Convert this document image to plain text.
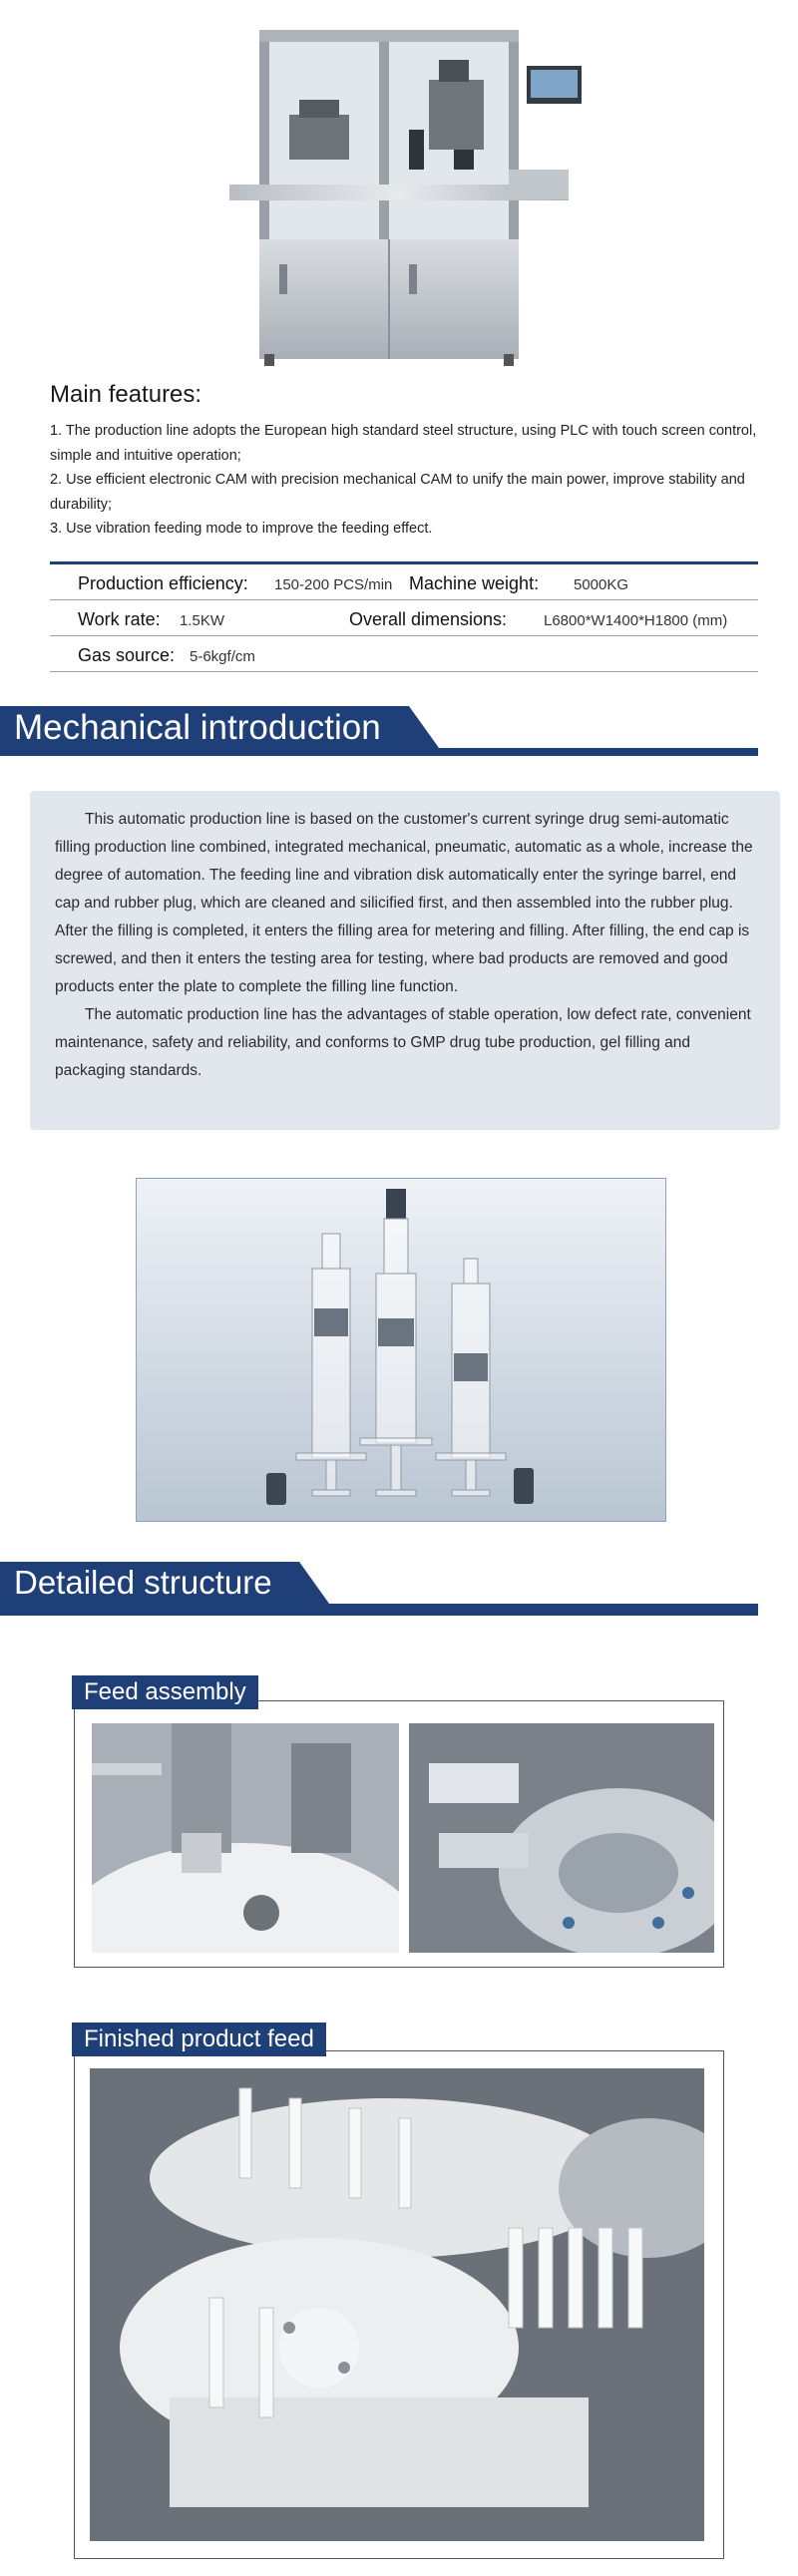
Main features:
1. The production line adopts the European high standard steel structure, using PLC with touch screen control, simple and intuitive operation;
2. Use efficient electronic CAM with precision mechanical CAM to unify the main power, improve stability and durability;
3. Use vibration feeding mode to improve the feeding effect.
Production efficiency: 150-200 PCS/min Machine weight: 5000KG
Work rate: 1.5KW	Overall dimensions: L6800*W1400*H1800 (mm)
Gas source: 5-6kgf/cm
Mechanical introduction

This automatic production line is based on the customer's current syringe drug semi-automatic filling production line combined, integrated mechanical, pneumatic, automatic as a whole, increase the degree of automation. The feeding line and vibration disk automatically enter the syringe barrel, end cap and rubber plug, which are cleaned and silicified first, and then assembled into the rubber plug. After the filling is completed, it enters the filling area for metering and filling. After filling, the end cap is screwed, and then it enters the testing area for testing, where bad products are removed and good products enter the plate to complete the filling line function.

The automatic production line has the advantages of stable operation, low defect rate, convenient maintenance, safety and reliability, and conforms to GMP drug tube production, gel filling and packaging standards.

Detailed structure
Feed assembly
Finished product feed
